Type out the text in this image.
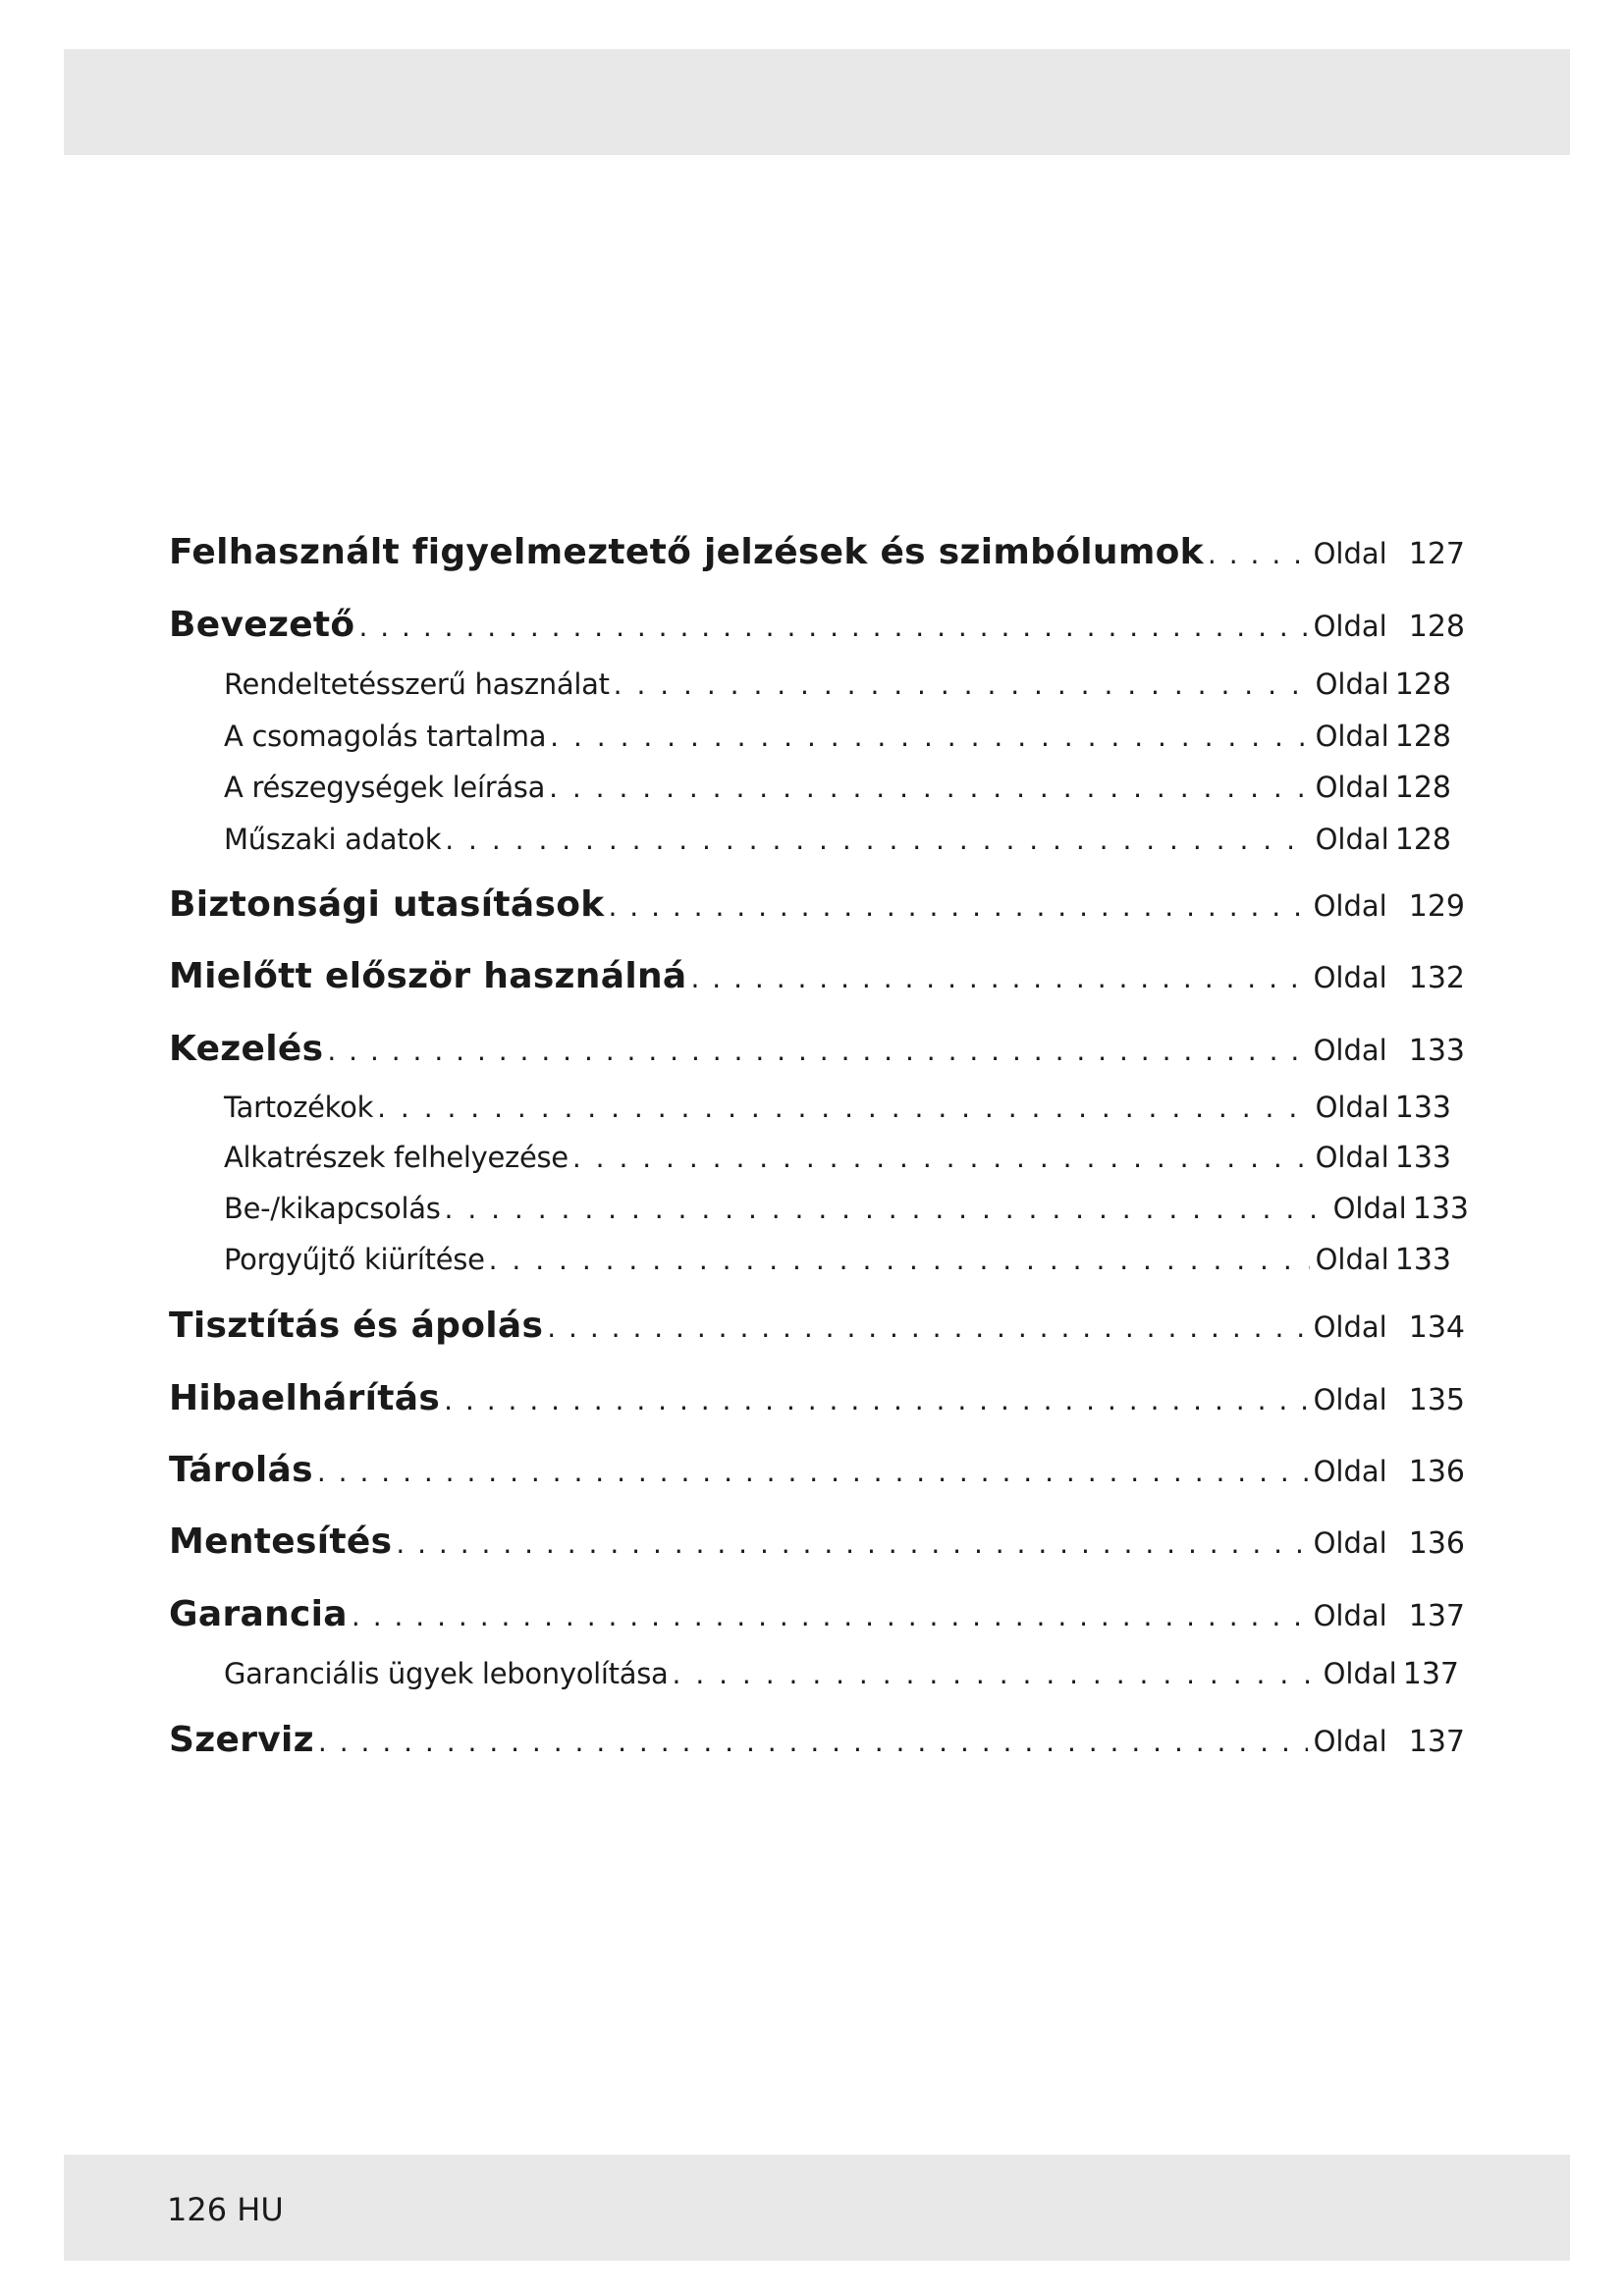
Felhasznált figyelmeztető jelzések és szimbólumok . . .	Oldal 127
Bevezető . . .	Oldal 128
Rendeltetésszerű használat . . .	Oldal 128
A csomagolás tartalma . . .	Oldal 128
A részegységek leírása . . .	Oldal 128
Műszaki adatok . . .	Oldal 128
Biztonsági utasítások . . .	Oldal 129
Mielőtt először használná . . .	Oldal 132
Kezelés . . .	Oldal 133
Tartozékok . . .	Oldal 133
Alkatrészek felhelyezése . . .	Oldal 133
Be-/kikapcsolás . . .	Oldal 133
Porgyűjtő kiürítése . . .	Oldal 133
Tisztítás és ápolás . . .	Oldal 134
Hibaelhárítás . . .	Oldal 135
Tárolás . . .	Oldal 136
Mentesítés . . .	Oldal 136
Garancia . . .	Oldal 137
Garanciális ügyek lebonyolítása . . .	Oldal 137
Szerviz . . .	Oldal 137
126 HU
